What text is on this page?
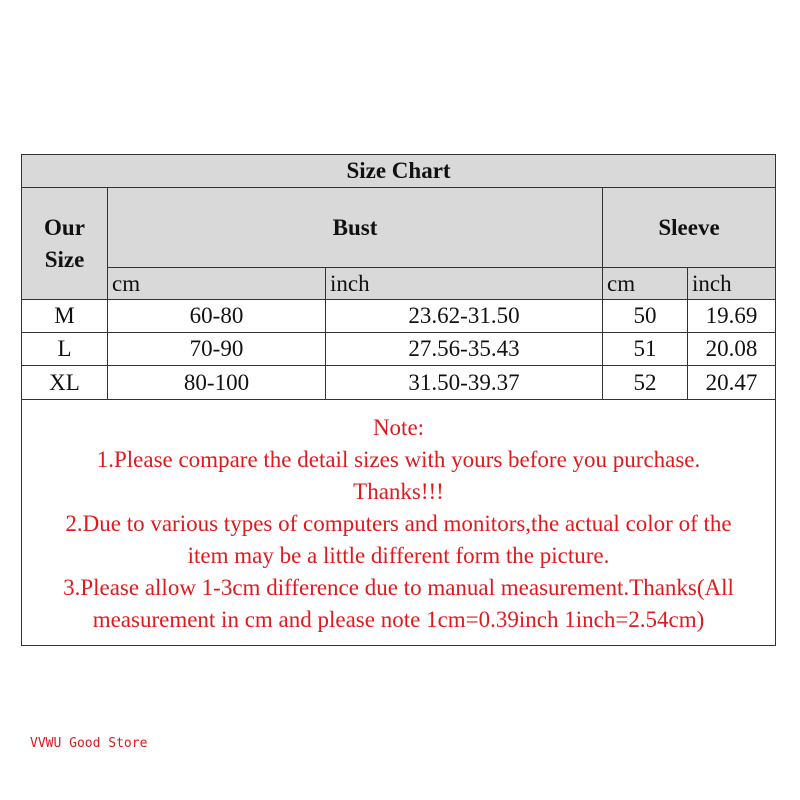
Size Chart
Our
Size
Bust	Sleeve
cm	inch	cm	inch
M	60-80	23.62-31.50	50	19.69
L	70-90	27.56-35.43	51	20.08
XL	80-100	31.50-39.37	52	20.47
Note:
1.Please compare the detail sizes with yours before you purchase.
Thanks!!!
2.Due to various types of computers and monitors,the actual color of the
item may be a little different form the picture.
3.Please allow 1-3cm difference due to manual measurement.Thanks(All
measurement in cm and please note 1cm=0.39inch 1inch=2.54cm)
VVWU Good Store
